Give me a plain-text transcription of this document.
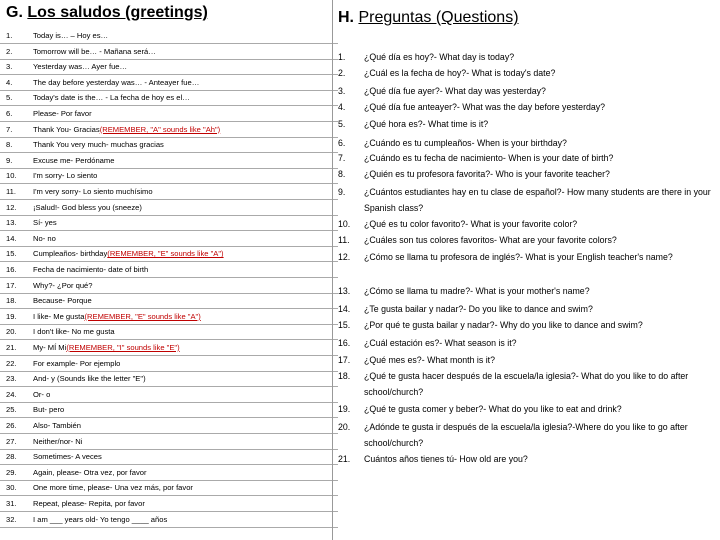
G. Los saludos (greetings)
1.	Today is… – Hoy es…
2.	Tomorrow will be… - Mañana será…
3.	Yesterday was… Ayer fue…
4.	The day before yesterday was… - Anteayer fue…
5.	Today's date is the… - La fecha de hoy es el…
6.	Please- Por favor
7.	Thank You- Gracias(REMEMBER, "A" sounds like "Ah")
8.	Thank You very much- muchas gracias
9.	Excuse me- Perdóname
10. I'm sorry- Lo siento
11. I'm very sorry- Lo siento muchísimo
12. ¡Salud!- God bless you (sneeze)
13. Sí- yes
14. No- no
15. Cumpleaños- birthday(REMEMBER, "E" sounds like "A")
16. Fecha de nacimiento- date of birth
17. Why?- ¿Por qué?
18. Because- Porque
19. I like- Me gusta(REMEMBER, "E" sounds like "A")
20. I don't like- No me gusta
21. My- MÍ Mi(REMEMBER, "I" sounds like "E")
22. For example- Por ejemplo
23. And- y (Sounds like the letter "E")
24. Or- o
25. But- pero
26. Also- También
27. Neither/nor- Ni
28. Sometimes- A veces
29. Again, please- Otra vez, por favor
30. One more time, please- Una vez más, por favor
31. Repeat, please- Repita, por favor
32. I am ___ years old- Yo tengo ____ años
H. Preguntas (Questions)
1. ¿Qué día es hoy?- What day is today?
2. ¿Cuál es la fecha de hoy?- What is today's date?
3. ¿Qué día fue ayer?- What day was yesterday?
4. ¿Qué día fue anteayer?- What was the day before yesterday?
5. ¿Qué hora es?- What time is it?
6. ¿Cuándo es tu cumpleaños- When is your birthday?
7. ¿Cuándo es tu fecha de nacimiento- When is your date of birth?
8. ¿Quién es tu profesora favorita?- Who is your favorite teacher?
9. ¿Cuántos estudiantes hay en tu clase de español?- How many students are there in your Spanish class?
10. ¿Qué es tu color favorito?- What is your favorite color?
11. ¿Cuáles son tus colores favoritos- What are your favorite colors?
12. ¿Cómo se llama tu profesora de inglés?- What is your English teacher's name?
13. ¿Cómo se llama tu madre?- What is your mother's name?
14. ¿Te gusta bailar y nadar?- Do you like to dance and swim?
15. ¿Por qué te gusta bailar y nadar?- Why do you like to dance and swim?
16. ¿Cuál estación es?- What season is it?
17. ¿Qué mes es?- What month is it?
18. ¿Qué te gusta hacer después de la escuela/la iglesia?- What do you like to do after school/church?
19. ¿Qué te gusta comer y beber?- What do you like to eat and drink?
20. ¿Adónde te gusta ir después de la escuela/la iglesia?-Where do you like to go after school/church?
21. Cuántos años tienes tú- How old are you?
